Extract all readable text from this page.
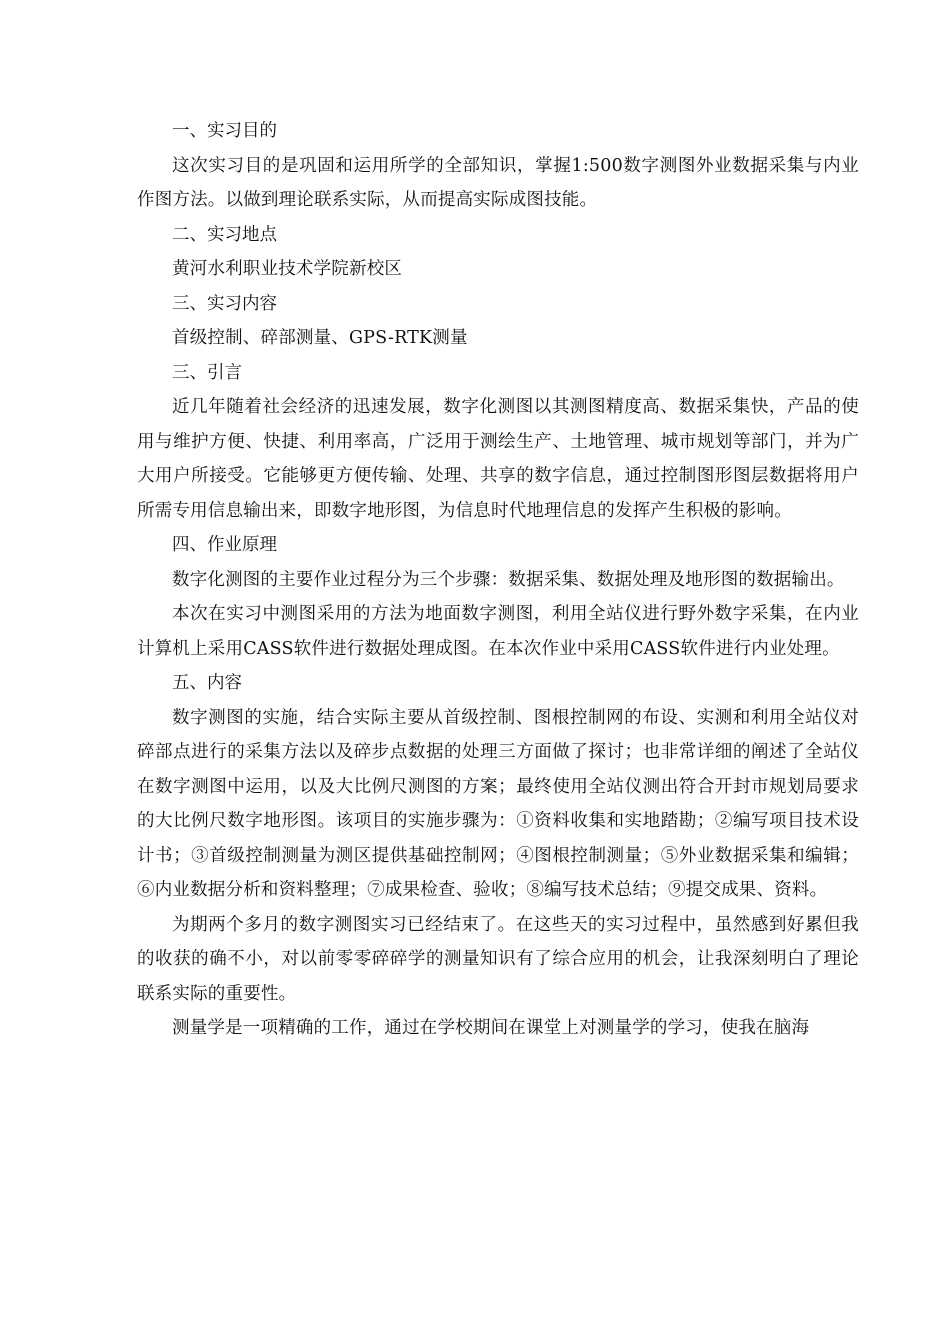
一、实习目的

这次实习目的是巩固和运用所学的全部知识，掌握1:500数字测图外业数据采集与内业作图方法。以做到理论联系实际，从而提高实际成图技能。

二、实习地点

黄河水利职业技术学院新校区

三、实习内容

首级控制、碎部测量、GPS-RTK测量

三、引言

近几年随着社会经济的迅速发展，数字化测图以其测图精度高、数据采集快，产品的使用与维护方便、快捷、利用率高，广泛用于测绘生产、土地管理、城市规划等部门，并为广大用户所接受。它能够更方便传输、处理、共享的数字信息，通过控制图形图层数据将用户所需专用信息输出来，即数字地形图，为信息时代地理信息的发挥产生积极的影响。

四、作业原理

数字化测图的主要作业过程分为三个步骤：数据采集、数据处理及地形图的数据输出。

本次在实习中测图采用的方法为地面数字测图，利用全站仪进行野外数字采集，在内业计算机上采用CASS软件进行数据处理成图。在本次作业中采用CASS软件进行内业处理。

五、内容

数字测图的实施，结合实际主要从首级控制、图根控制网的布设、实测和利用全站仪对碎部点进行的采集方法以及碎步点数据的处理三方面做了探讨；也非常详细的阐述了全站仪在数字测图中运用，以及大比例尺测图的方案；最终使用全站仪测出符合开封市规划局要求的大比例尺数字地形图。该项目的实施步骤为：①资料收集和实地踏勘；②编写项目技术设计书；③首级控制测量为测区提供基础控制网；④图根控制测量；⑤外业数据采集和编辑；⑥内业数据分析和资料整理；⑦成果检查、验收；⑧编写技术总结；⑨提交成果、资料。

为期两个多月的数字测图实习已经结束了。在这些天的实习过程中，虽然感到好累但我的收获的确不小，对以前零零碎碎学的测量知识有了综合应用的机会，让我深刻明白了理论联系实际的重要性。

测量学是一项精确的工作，通过在学校期间在课堂上对测量学的学习，使我在脑海
